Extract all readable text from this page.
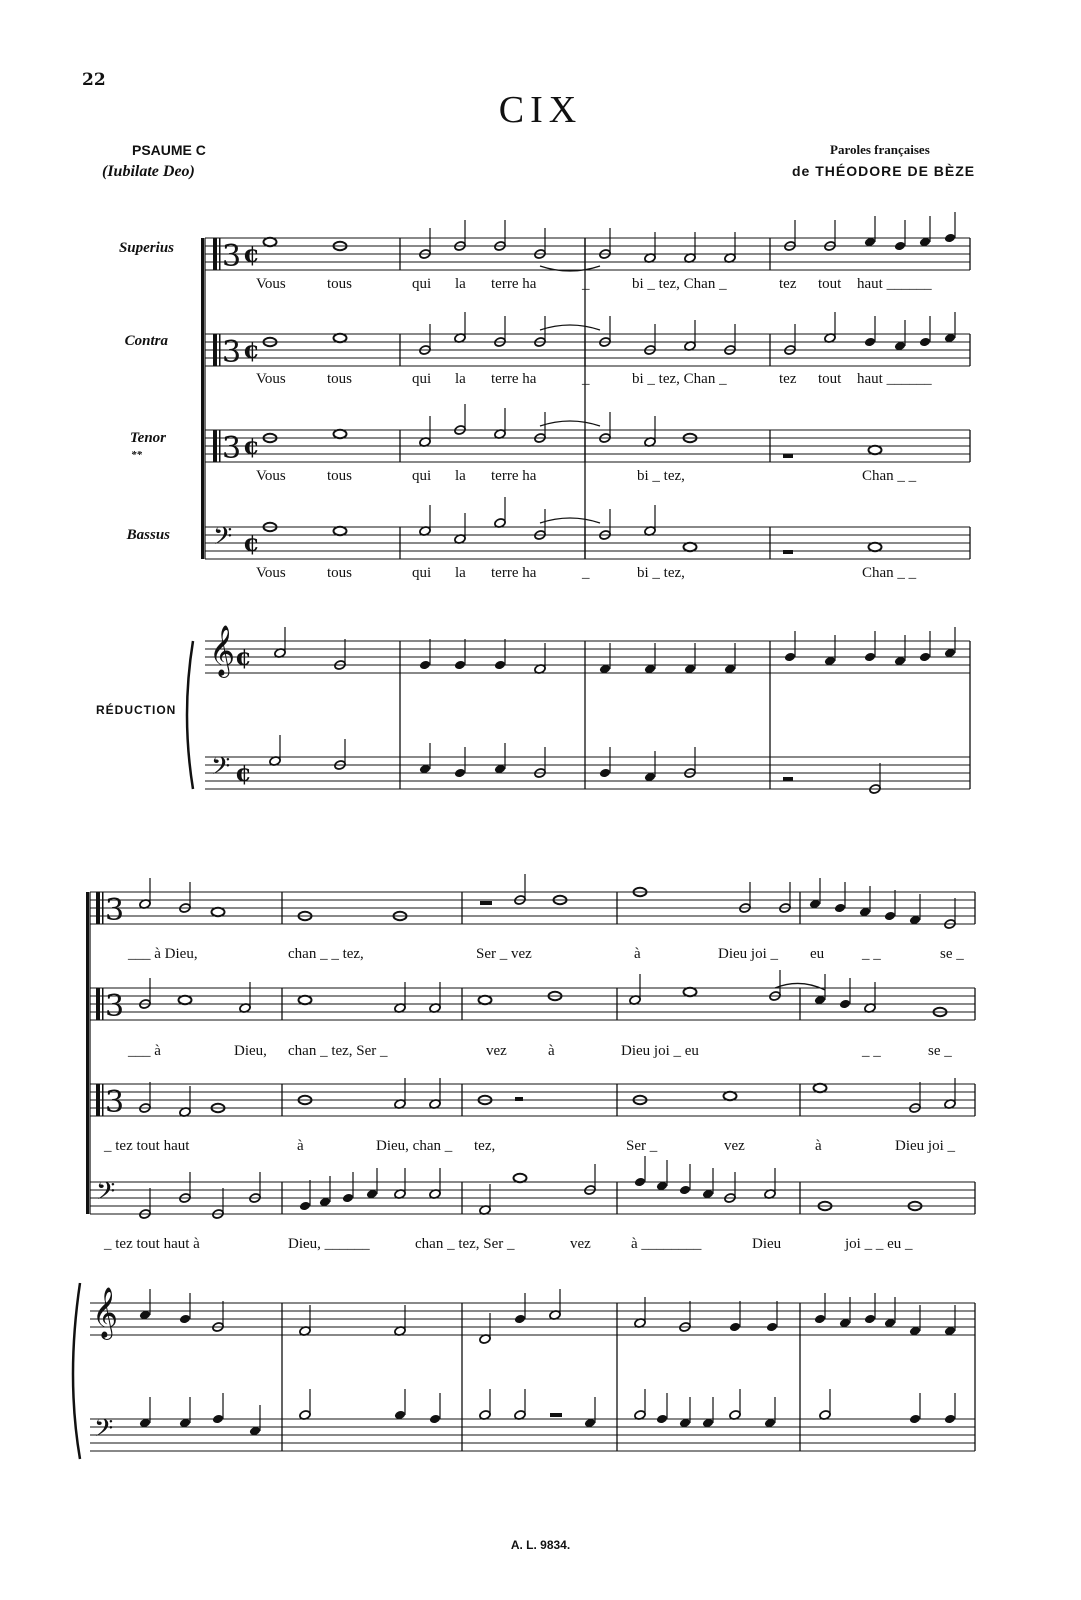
22
CIX
PSAUME C
(Iubilate Deo)
Paroles françaises
de THÉODORE DE BÈZE
Superius
Contra
Tenor
**
Bassus
RÉDUCTION
3 ¢
3 ¢
3 ¢
𝄢 ¢
𝄞
𝄢
¢
¢
3
3
3
𝄢
𝄞
𝄢
Vous	tous	qui la terre ha	_	bi _ tez, Chan _	tez tout haut ______
Vous	tous	qui la terre ha	_	bi _ tez, Chan _	tez tout haut ______
Vous	tous	qui la terre ha	bi _ tez,	Chan _ _
Vous	tous	qui la terre ha	_	bi _ tez,	Chan _ _
___ à Dieu,	chan _ _ tez,	Ser _ vez	à	Dieu joi _ eu	_ _	se _
___ à	Dieu, chan _ tez, Ser _	vez	à	Dieu joi _ eu	_ _	se _
_ tez tout haut	à	Dieu, chan _ tez,	Ser _	vez	à	Dieu joi _
_ tez tout haut à	Dieu, ______	chan _ tez, Ser _	vez	à ________	Dieu	joi _ _ eu _
A. L. 9834.
